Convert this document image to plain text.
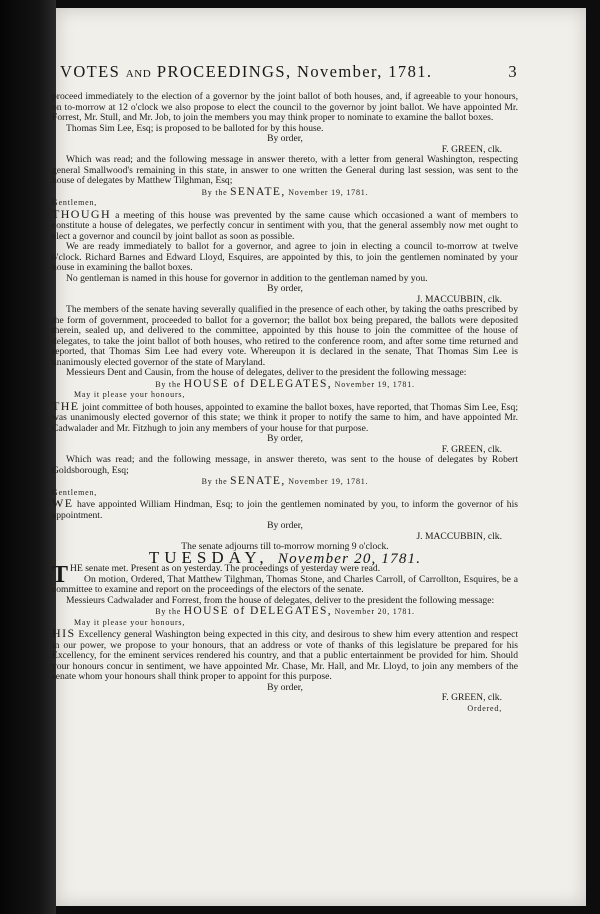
VOTES AND PROCEEDINGS, November, 1781.	3

proceed immediately to the election of a governor by the joint ballot of both houses, and, if agreeable to your honours, on to-morrow at 12 o'clock we also propose to elect the council to the governor by joint ballot. We have appointed Mr. Forrest, Mr. Stull, and Mr. Job, to join the members you may think proper to nominate to examine the ballot boxes.

Thomas Sim Lee, Esq; is proposed to be balloted for by this house.

By order,

F. GREEN, clk.

Which was read; and the following message in answer thereto, with a letter from general Washington, respecting general Smallwood's remaining in this state, in answer to one written the General during last session, was sent to the house of delegates by Matthew Tilghman, Esq;

By the SENATE, November 19, 1781.

Gentlemen,

THOUGH a meeting of this house was prevented by the same cause which occasioned a want of members to constitute a house of delegates, we perfectly concur in sentiment with you, that the general assembly now met ought to elect a governor and council by joint ballot as soon as possible.

We are ready immediately to ballot for a governor, and agree to join in electing a council to-morrow at twelve o'clock. Richard Barnes and Edward Lloyd, Esquires, are appointed by this, to join the gentlemen nominated by your house in examining the ballot boxes.

No gentleman is named in this house for governor in addition to the gentleman named by you.

By order,

J. MACCUBBIN, clk.

The members of the senate having severally qualified in the presence of each other, by taking the oaths prescribed by the form of government, proceeded to ballot for a governor; the ballot box being prepared, the ballots were deposited therein, sealed up, and delivered to the committee, appointed by this house to join the committee of the house of delegates, to take the joint ballot of both houses, who retired to the conference room, and after some time returned and reported, that Thomas Sim Lee had every vote. Whereupon it is declared in the senate, That Thomas Sim Lee is unanimously elected governor of the state of Maryland.

Messieurs Dent and Causin, from the house of delegates, deliver to the president the following message:

By the HOUSE of DELEGATES, November 19, 1781.

May it please your honours,

THE joint committee of both houses, appointed to examine the ballot boxes, have reported, that Thomas Sim Lee, Esq; was unanimously elected governor of this state; we think it proper to notify the same to him, and have appointed Mr. Cadwalader and Mr. Fitzhugh to join any members of your house for that purpose.

By order,

F. GREEN, clk.

Which was read; and the following message, in answer thereto, was sent to the house of delegates by Robert Goldsborough, Esq;

By the SENATE, November 19, 1781.

Gentlemen,

WE have appointed William Hindman, Esq; to join the gentlemen nominated by you, to inform the governor of his appointment.

By order,

J. MACCUBBIN, clk.

The senate adjourns till to-morrow morning 9 o'clock.

TUESDAY, November 20, 1781.

T HE senate met. Present as on yesterday. The proceedings of yesterday were read.

On motion, Ordered, That Matthew Tilghman, Thomas Stone, and Charles Carroll, of Carrollton, Esquires, be a committee to examine and report on the proceedings of the electors of the senate.

Messieurs Cadwalader and Forrest, from the house of delegates, deliver to the president the following message:

By the HOUSE of DELEGATES, November 20, 1781.

May it please your honours,

HIS Excellency general Washington being expected in this city, and desirous to shew him every attention and respect in our power, we propose to your honours, that an address or vote of thanks of this legislature be prepared for his Excellency, for the eminent services rendered his country, and that a public entertainment be provided for him. Should your honours concur in sentiment, we have appointed Mr. Chase, Mr. Hall, and Mr. Lloyd, to join any members of the senate whom your honours shall think proper to appoint for this purpose.

By order,

F. GREEN, clk.

Ordered,
